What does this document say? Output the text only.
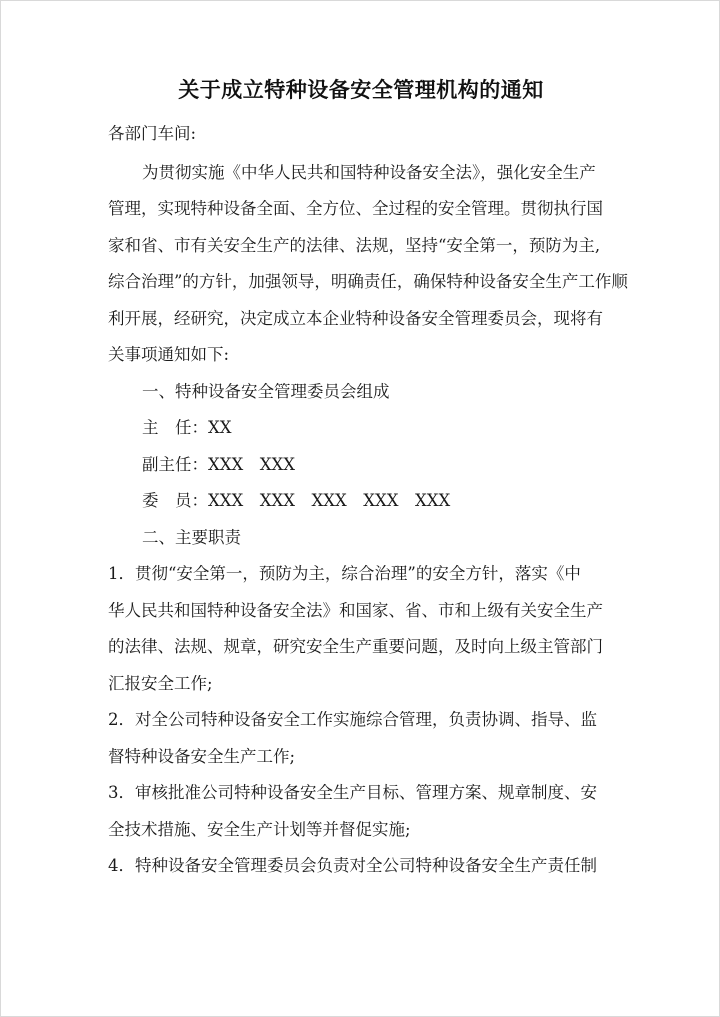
关于成立特种设备安全管理机构的通知
各部门车间:
为贯彻实施《中华人民共和国特种设备安全法》，强化安全生产
管理，实现特种设备全面、全方位、全过程的安全管理。贯彻执行国
家和省、市有关安全生产的法律、法规，坚持“安全第一，预防为主,
综合治理”的方针，加强领导，明确责任，确保特种设备安全生产工作顺
利开展，经研究，决定成立本企业特种设备安全管理委员会，现将有
关事项通知如下:
一、特种设备安全管理委员会组成
主　任：XX
副主任：XXX　XXX
委　员：XXX　XXX　XXX　XXX　XXX
二、主要职责
1．贯彻“安全第一，预防为主，综合治理”的安全方针，落实《中
华人民共和国特种设备安全法》和国家、省、市和上级有关安全生产
的法律、法规、规章，研究安全生产重要问题，及时向上级主管部门
汇报安全工作;
2．对全公司特种设备安全工作实施综合管理，负责协调、指导、监
督特种设备安全生产工作;
3．审核批准公司特种设备安全生产目标、管理方案、规章制度、安
全技术措施、安全生产计划等并督促实施;
4．特种设备安全管理委员会负责对全公司特种设备安全生产责任制
